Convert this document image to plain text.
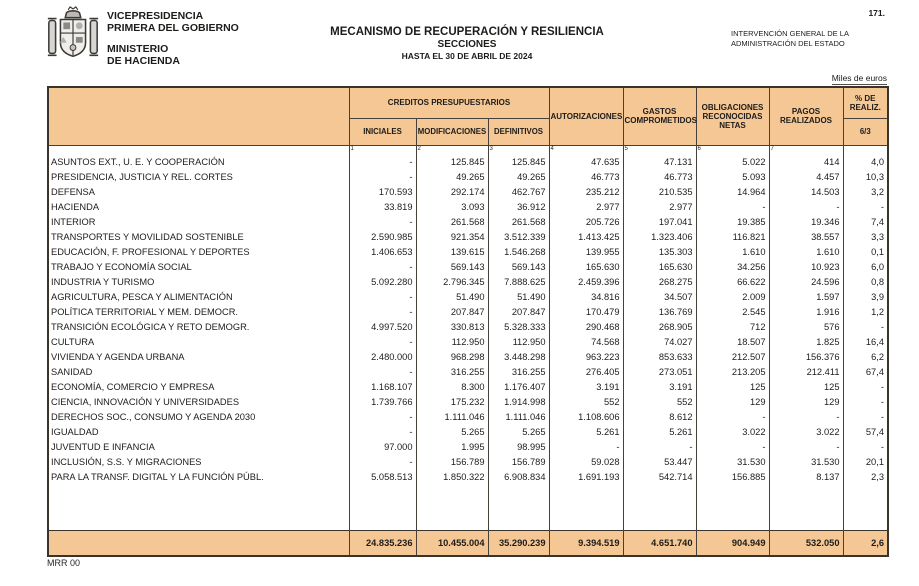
VICEPRESIDENCIA
PRIMERA DEL GOBIERNO
MINISTERIO
DE HACIENDA
MECANISMO DE RECUPERACIÓN Y RESILIENCIA
SECCIONES
HASTA EL 30 DE ABRIL DE 2024
171.
INTERVENCIÓN GENERAL DE LA
ADMINISTRACIÓN DEL ESTADO
Miles de euros
	CREDITOS PRESUPUESTARIOS			AUTORIZACIONES	GASTOS COMPROMETIDOS	OBLIGACIONES RECONOCIDAS NETAS	PAGOS REALIZADOS	% DE REALIZ.
	INICIALES	MODIFICACIONES	DEFINITIVOS					6/3
	1	2	3	4	5	6	7	
ASUNTOS EXT., U. E. Y COOPERACIÓN	-	125.845	125.845	47.635	47.131	5.022	414	4,0
PRESIDENCIA, JUSTICIA Y REL. CORTES	-	49.265	49.265	46.773	46.773	5.093	4.457	10,3
DEFENSA	170.593	292.174	462.767	235.212	210.535	14.964	14.503	3,2
HACIENDA	33.819	3.093	36.912	2.977	2.977	-	-	-
INTERIOR	-	261.568	261.568	205.726	197.041	19.385	19.346	7,4
TRANSPORTES Y MOVILIDAD SOSTENIBLE	2.590.985	921.354	3.512.339	1.413.425	1.323.406	116.821	38.557	3,3
EDUCACIÓN, F. PROFESIONAL Y DEPORTES	1.406.653	139.615	1.546.268	139.955	135.303	1.610	1.610	0,1
TRABAJO Y ECONOMÍA SOCIAL	-	569.143	569.143	165.630	165.630	34.256	10.923	6,0
INDUSTRIA Y TURISMO	5.092.280	2.796.345	7.888.625	2.459.396	268.275	66.622	24.596	0,8
AGRICULTURA, PESCA Y ALIMENTACIÓN	-	51.490	51.490	34.816	34.507	2.009	1.597	3,9
POLÍTICA TERRITORIAL Y MEM. DEMOCR.	-	207.847	207.847	170.479	136.769	2.545	1.916	1,2
TRANSICIÓN ECOLÓGICA Y RETO DEMOGR.	4.997.520	330.813	5.328.333	290.468	268.905	712	576	-
CULTURA	-	112.950	112.950	74.568	74.027	18.507	1.825	16,4
VIVIENDA Y AGENDA URBANA	2.480.000	968.298	3.448.298	963.223	853.633	212.507	156.376	6,2
SANIDAD	-	316.255	316.255	276.405	273.051	213.205	212.411	67,4
ECONOMÍA, COMERCIO Y EMPRESA	1.168.107	8.300	1.176.407	3.191	3.191	125	125	-
CIENCIA, INNOVACIÓN Y UNIVERSIDADES	1.739.766	175.232	1.914.998	552	552	129	129	-
DERECHOS SOC., CONSUMO Y AGENDA 2030	-	1.111.046	1.111.046	1.108.606	8.612	-	-	-
IGUALDAD	-	5.265	5.265	5.261	5.261	3.022	3.022	57,4
JUVENTUD E INFANCIA	97.000	1.995	98.995	-	-	-	-	-
INCLUSIÓN, S.S. Y MIGRACIONES	-	156.789	156.789	59.028	53.447	31.530	31.530	20,1
PARA LA TRANSF. DIGITAL Y LA FUNCIÓN PÚBL.	5.058.513	1.850.322	6.908.834	1.691.193	542.714	156.885	8.137	2,3

	24.835.236	10.455.004	35.290.239	9.394.519	4.651.740	904.949	532.050	2,6
MRR 00
